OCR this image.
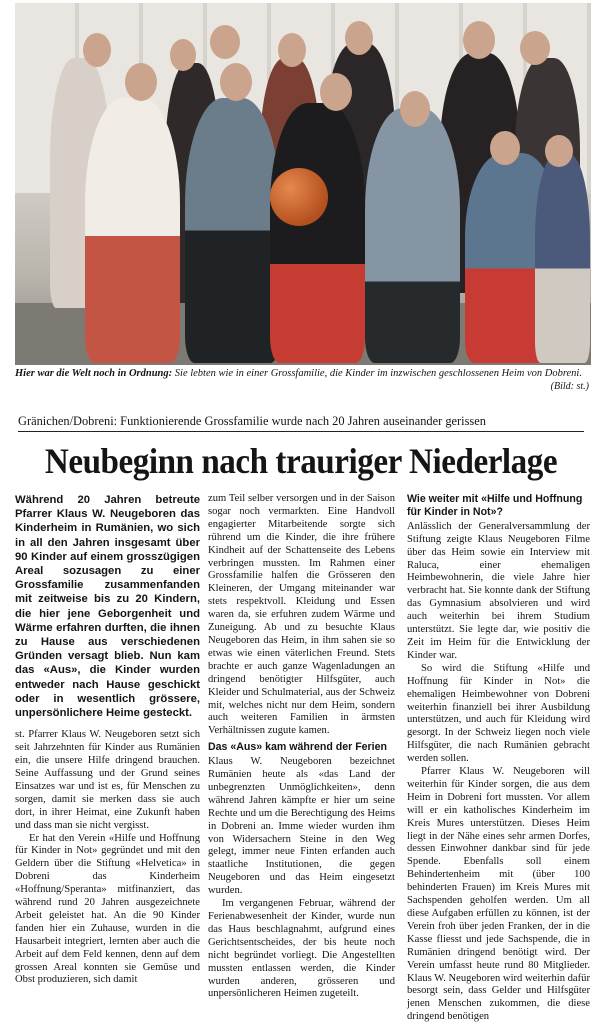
Hier war die Welt noch in Ordnung: Sie lebten wie in einer Grossfamilie, die Kinder im inzwischen geschlossenen Heim von Dobreni.
(Bild: st.)
Gränichen/Dobreni: Funktionierende Grossfamilie wurde nach 20 Jahren auseinander gerissen
Neubeginn nach trauriger Niederlage
Während 20 Jahren betreute Pfarrer Klaus W. Neugeboren das Kinderheim in Rumänien, wo sich in all den Jahren insgesamt über 90 Kinder auf einem grosszügigen Areal sozusagen zu einer Grossfamilie zusammenfanden mit zeitweise bis zu 20 Kindern, die hier jene Geborgenheit und Wärme erfahren durften, die ihnen zu Hause aus verschiedenen Gründen versagt blieb. Nun kam das «Aus», die Kinder wurden entweder nach Hause geschickt oder in wesentlich grössere, unpersönlichere Heime gesteckt.

st. Pfarrer Klaus W. Neugeboren setzt sich seit Jahrzehnten für Kinder aus Rumänien ein, die unsere Hilfe dringend brauchen. Seine Auffassung und der Grund seines Einsatzes war und ist es, für Menschen zu sorgen, damit sie merken dass sie auch dort, in ihrer Heimat, eine Zukunft haben und dass man sie nicht vergisst.

Er hat den Verein «Hilfe und Hoffnung für Kinder in Not» gegründet und mit den Geldern über die Stiftung «Helvetica» in Dobreni das Kinderheim «Hoffnung/Speranta» mitfinanziert, das während rund 20 Jahren ausgezeichnete Arbeit geleistet hat. An die 90 Kinder fanden hier ein Zuhause, wurden in die Hausarbeit integriert, lernten aber auch die Arbeit auf dem Feld kennen, denn auf dem grossen Areal konnten sie Gemüse und Obst produzieren, sich damit

zum Teil selber versorgen und in der Saison sogar noch vermarkten. Eine Handvoll engagierter Mitarbeitende sorgte sich rührend um die Kinder, die ihre frühere Kindheit auf der Schattenseite des Lebens verbringen mussten. Im Rahmen einer Grossfamilie halfen die Grösseren den Kleineren, der Umgang miteinander war stets respektvoll. Kleidung und Essen waren da, sie erfuhren zudem Wärme und Zuneigung. Ab und zu besuchte Klaus Neugeboren das Heim, in ihm sahen sie so etwas wie einen väterlichen Freund. Stets brachte er auch ganze Wagenladungen an dringend benötigter Hilfsgüter, auch Kleider und Schulmaterial, aus der Schweiz mit, welches nicht nur dem Heim, sondern auch weiteren Familien in ärmsten Verhältnissen zugute kamen.

Das «Aus» kam während der Ferien

Klaus W. Neugeboren bezeichnet Rumänien heute als «das Land der unbegrenzten Unmöglichkeiten», denn während Jahren kämpfte er hier um seine Rechte und um die Berechtigung des Heims in Dobreni an. Imme wieder wurden ihm von Widersachern Steine in den Weg gelegt, immer neue Finten erfanden auch staatliche Institutionen, die gegen Neugeboren und das Heim eingesetzt wurden.

Im vergangenen Februar, während der Ferienabwesenheit der Kinder, wurde nun das Haus beschlagnahmt, aufgrund eines Gerichtsentscheides, der bis heute noch nicht begründet vorliegt. Die Angestellten mussten entlassen werden, die Kinder wurden anderen, grösseren und unpersönlicheren Heimen zugeteilt.

Wie weiter mit «Hilfe und Hoffnung für Kinder in Not»?

Anlässlich der Generalversammlung der Stiftung zeigte Klaus Neugeboren Filme über das Heim sowie ein Interview mit Raluca, einer ehemaligen Heimbewohnerin, die viele Jahre hier verbracht hat. Sie konnte dank der Stiftung das Gymnasium absolvieren und wird auch weiterhin bei ihrem Studium unterstützt. Sie legte dar, wie positiv die Zeit im Heim für die Entwicklung der Kinder war.

So wird die Stiftung «Hilfe und Hoffnung für Kinder in Not» die ehemaligen Heimbewohner von Dobreni weiterhin finanziell bei ihrer Ausbildung unterstützen, und auch für Kleidung wird gesorgt. In der Schweiz liegen noch viele Hilfsgüter, die nach Rumänien gebracht werden sollen.

Pfarrer Klaus W. Neugeboren will weiterhin für Kinder sorgen, die aus dem Heim in Dobreni fort mussten. Vor allem will er ein katholisches Kinderheim im Kreis Mures unterstützen. Dieses Heim liegt in der Nähe eines sehr armen Dorfes, dessen Einwohner dankbar sind für jede Spende. Ebenfalls soll einem Behindertenheim mit (über 100 behinderten Frauen) im Kreis Mures mit Sachspenden geholfen werden. Um all diese Aufgaben erfüllen zu können, ist der Verein froh über jeden Franken, der in die Kasse fliesst und jede Sachspende, die in Rumänien dringend benötigt wird. Der Verein umfasst heute rund 80 Mitglieder. Klaus W. Neugeboren wird weiterhin dafür besorgt sein, dass Gelder und Hilfsgüter jenen Menschen zukommen, die diese dringend benötigen
